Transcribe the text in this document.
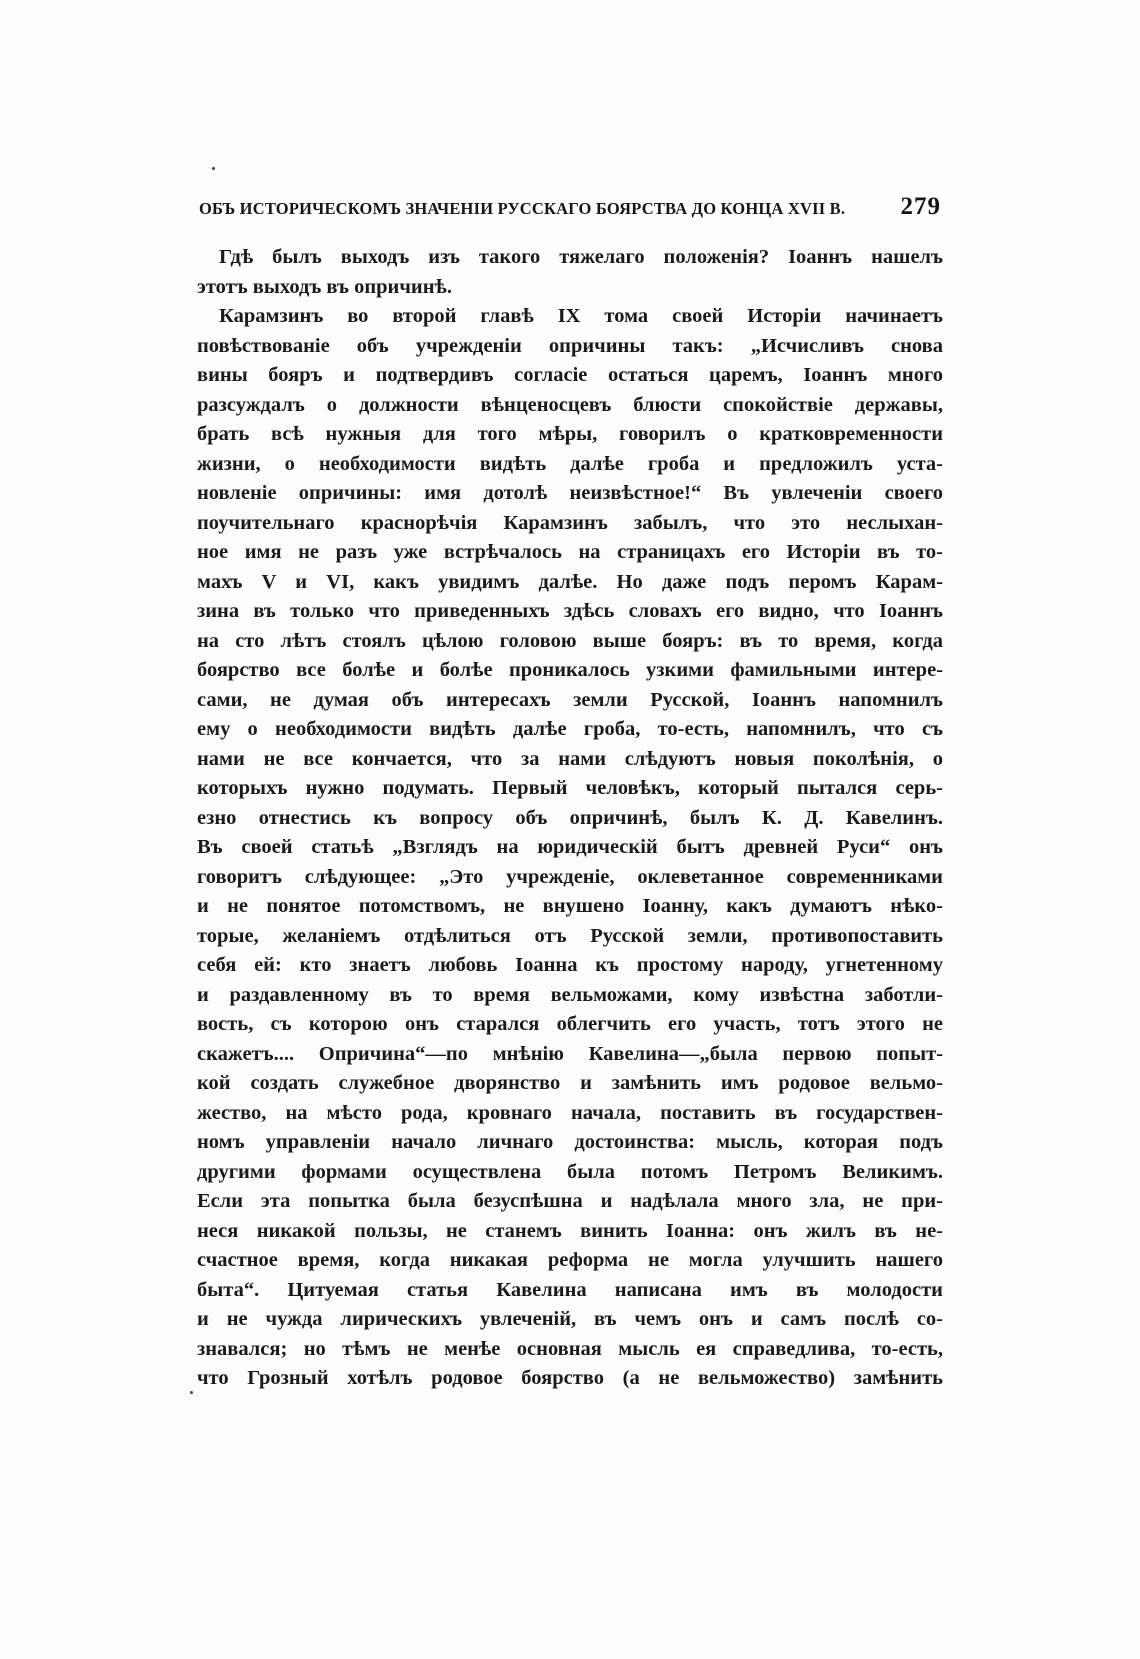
ОБЪ ИСТОРИЧЕСКОМЪ ЗНАЧЕНІИ РУССКАГО БОЯРСТВА ДО КОНЦА XVII В. 279
Гдѣ былъ выходъ изъ такого тяжелаго положенія? Іоаннъ нашелъ
этотъ выходъ въ опричинѣ.
Карамзинъ во второй главѣ IX тома своей Исторіи начинаетъ
повѣствованіе объ учрежденіи опричины такъ: „Исчисливъ снова
вины бояръ и подтвердивъ согласіе остаться царемъ, Іоаннъ много
разсуждалъ о должности вѣнценосцевъ блюсти спокойствіе державы,
брать всѣ нужныя для того мѣры, говорилъ о кратковременности
жизни, о необходимости видѣть далѣе гроба и предложилъ уста-
новленіе опричины: имя дотолѣ неизвѣстное!“ Въ увлеченіи своего
поучительнаго краснорѣчія Карамзинъ забылъ, что это неслыхан-
ное имя не разъ уже встрѣчалось на страницахъ его Исторіи въ то-
махъ V и VI, какъ увидимъ далѣе. Но даже подъ перомъ Карам-
зина въ только что приведенныхъ здѣсь словахъ его видно, что Іоаннъ
на сто лѣтъ стоялъ цѣлою головою выше бояръ: въ то время, когда
боярство все болѣе и болѣе проникалось узкими фамильными интере-
сами, не думая объ интересахъ земли Русской, Іоаннъ напомнилъ
ему о необходимости видѣть далѣе гроба, то-есть, напомнилъ, что съ
нами не все кончается, что за нами слѣдуютъ новыя поколѣнія, о
которыхъ нужно подумать. Первый человѣкъ, который пытался серь-
езно отнестись къ вопросу объ опричинѣ, былъ К. Д. Кавелинъ.
Въ своей статьѣ „Взглядъ на юридическій бытъ древней Руси“ онъ
говоритъ слѣдующее: „Это учрежденіе, оклеветанное современниками
и не понятое потомствомъ, не внушено Іоанну, какъ думаютъ нѣко-
торые, желаніемъ отдѣлиться отъ Русской земли, противопоставить
себя ей: кто знаетъ любовь Іоанна къ простому народу, угнетенному
и раздавленному въ то время вельможами, кому извѣстна заботли-
вость, съ которою онъ старался облегчить его участь, тотъ этого не
скажетъ.... Опричина“—по мнѣнію Кавелина—„была первою попыт-
кой создать служебное дворянство и замѣнить имъ родовое вельмо-
жество, на мѣсто рода, кровнаго начала, поставить въ государствен-
номъ управленіи начало личнаго достоинства: мысль, которая подъ
другими формами осуществлена была потомъ Петромъ Великимъ.
Если эта попытка была безуспѣшна и надѣлала много зла, не при-
неся никакой пользы, не станемъ винить Іоанна: онъ жилъ въ не-
счастное время, когда никакая реформа не могла улучшить нашего
быта“. Цитуемая статья Кавелина написана имъ въ молодости
и не чужда лирическихъ увлеченій, въ чемъ онъ и самъ послѣ со-
знавался; но тѣмъ не менѣе основная мысль ея справедлива, то-есть,
что Грозный хотѣлъ родовое боярство (а не вельможество) замѣнить
